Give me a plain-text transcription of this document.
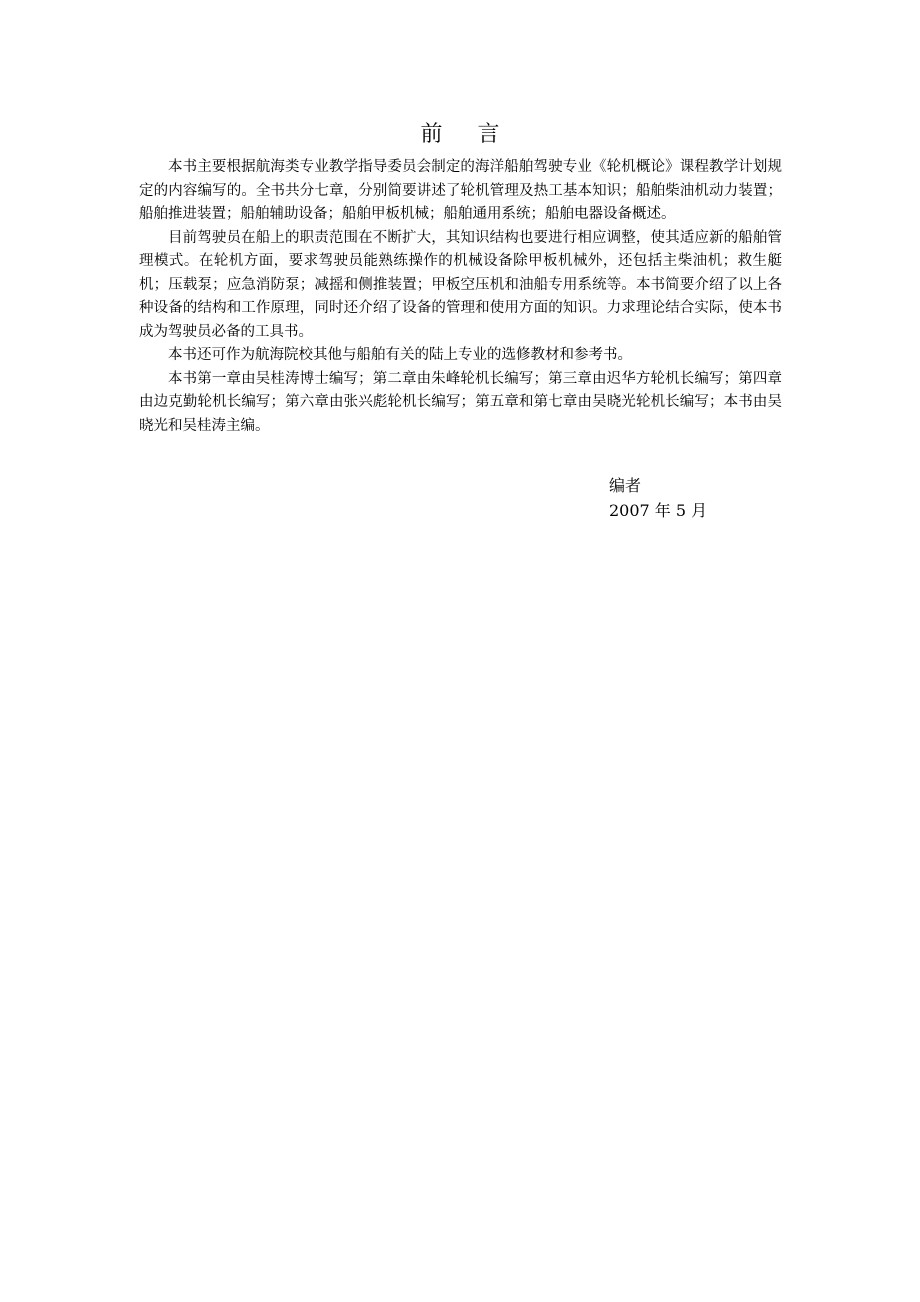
前 言

本书主要根据航海类专业教学指导委员会制定的海洋船舶驾驶专业《轮机概论》课程教学计划规定的内容编写的。全书共分七章，分别简要讲述了轮机管理及热工基本知识；船舶柴油机动力装置；船舶推进装置；船舶辅助设备；船舶甲板机械；船舶通用系统；船舶电器设备概述。

目前驾驶员在船上的职责范围在不断扩大，其知识结构也要进行相应调整，使其适应新的船舶管理模式。在轮机方面，要求驾驶员能熟练操作的机械设备除甲板机械外，还包括主柴油机；救生艇机；压载泵；应急消防泵；减摇和侧推装置；甲板空压机和油船专用系统等。本书简要介绍了以上各种设备的结构和工作原理，同时还介绍了设备的管理和使用方面的知识。力求理论结合实际，使本书成为驾驶员必备的工具书。

本书还可作为航海院校其他与船舶有关的陆上专业的选修教材和参考书。

本书第一章由吴桂涛博士编写；第二章由朱峰轮机长编写；第三章由迟华方轮机长编写；第四章由边克勤轮机长编写；第六章由张兴彪轮机长编写；第五章和第七章由吴晓光轮机长编写；本书由吴晓光和吴桂涛主编。

编者
2007 年 5 月
